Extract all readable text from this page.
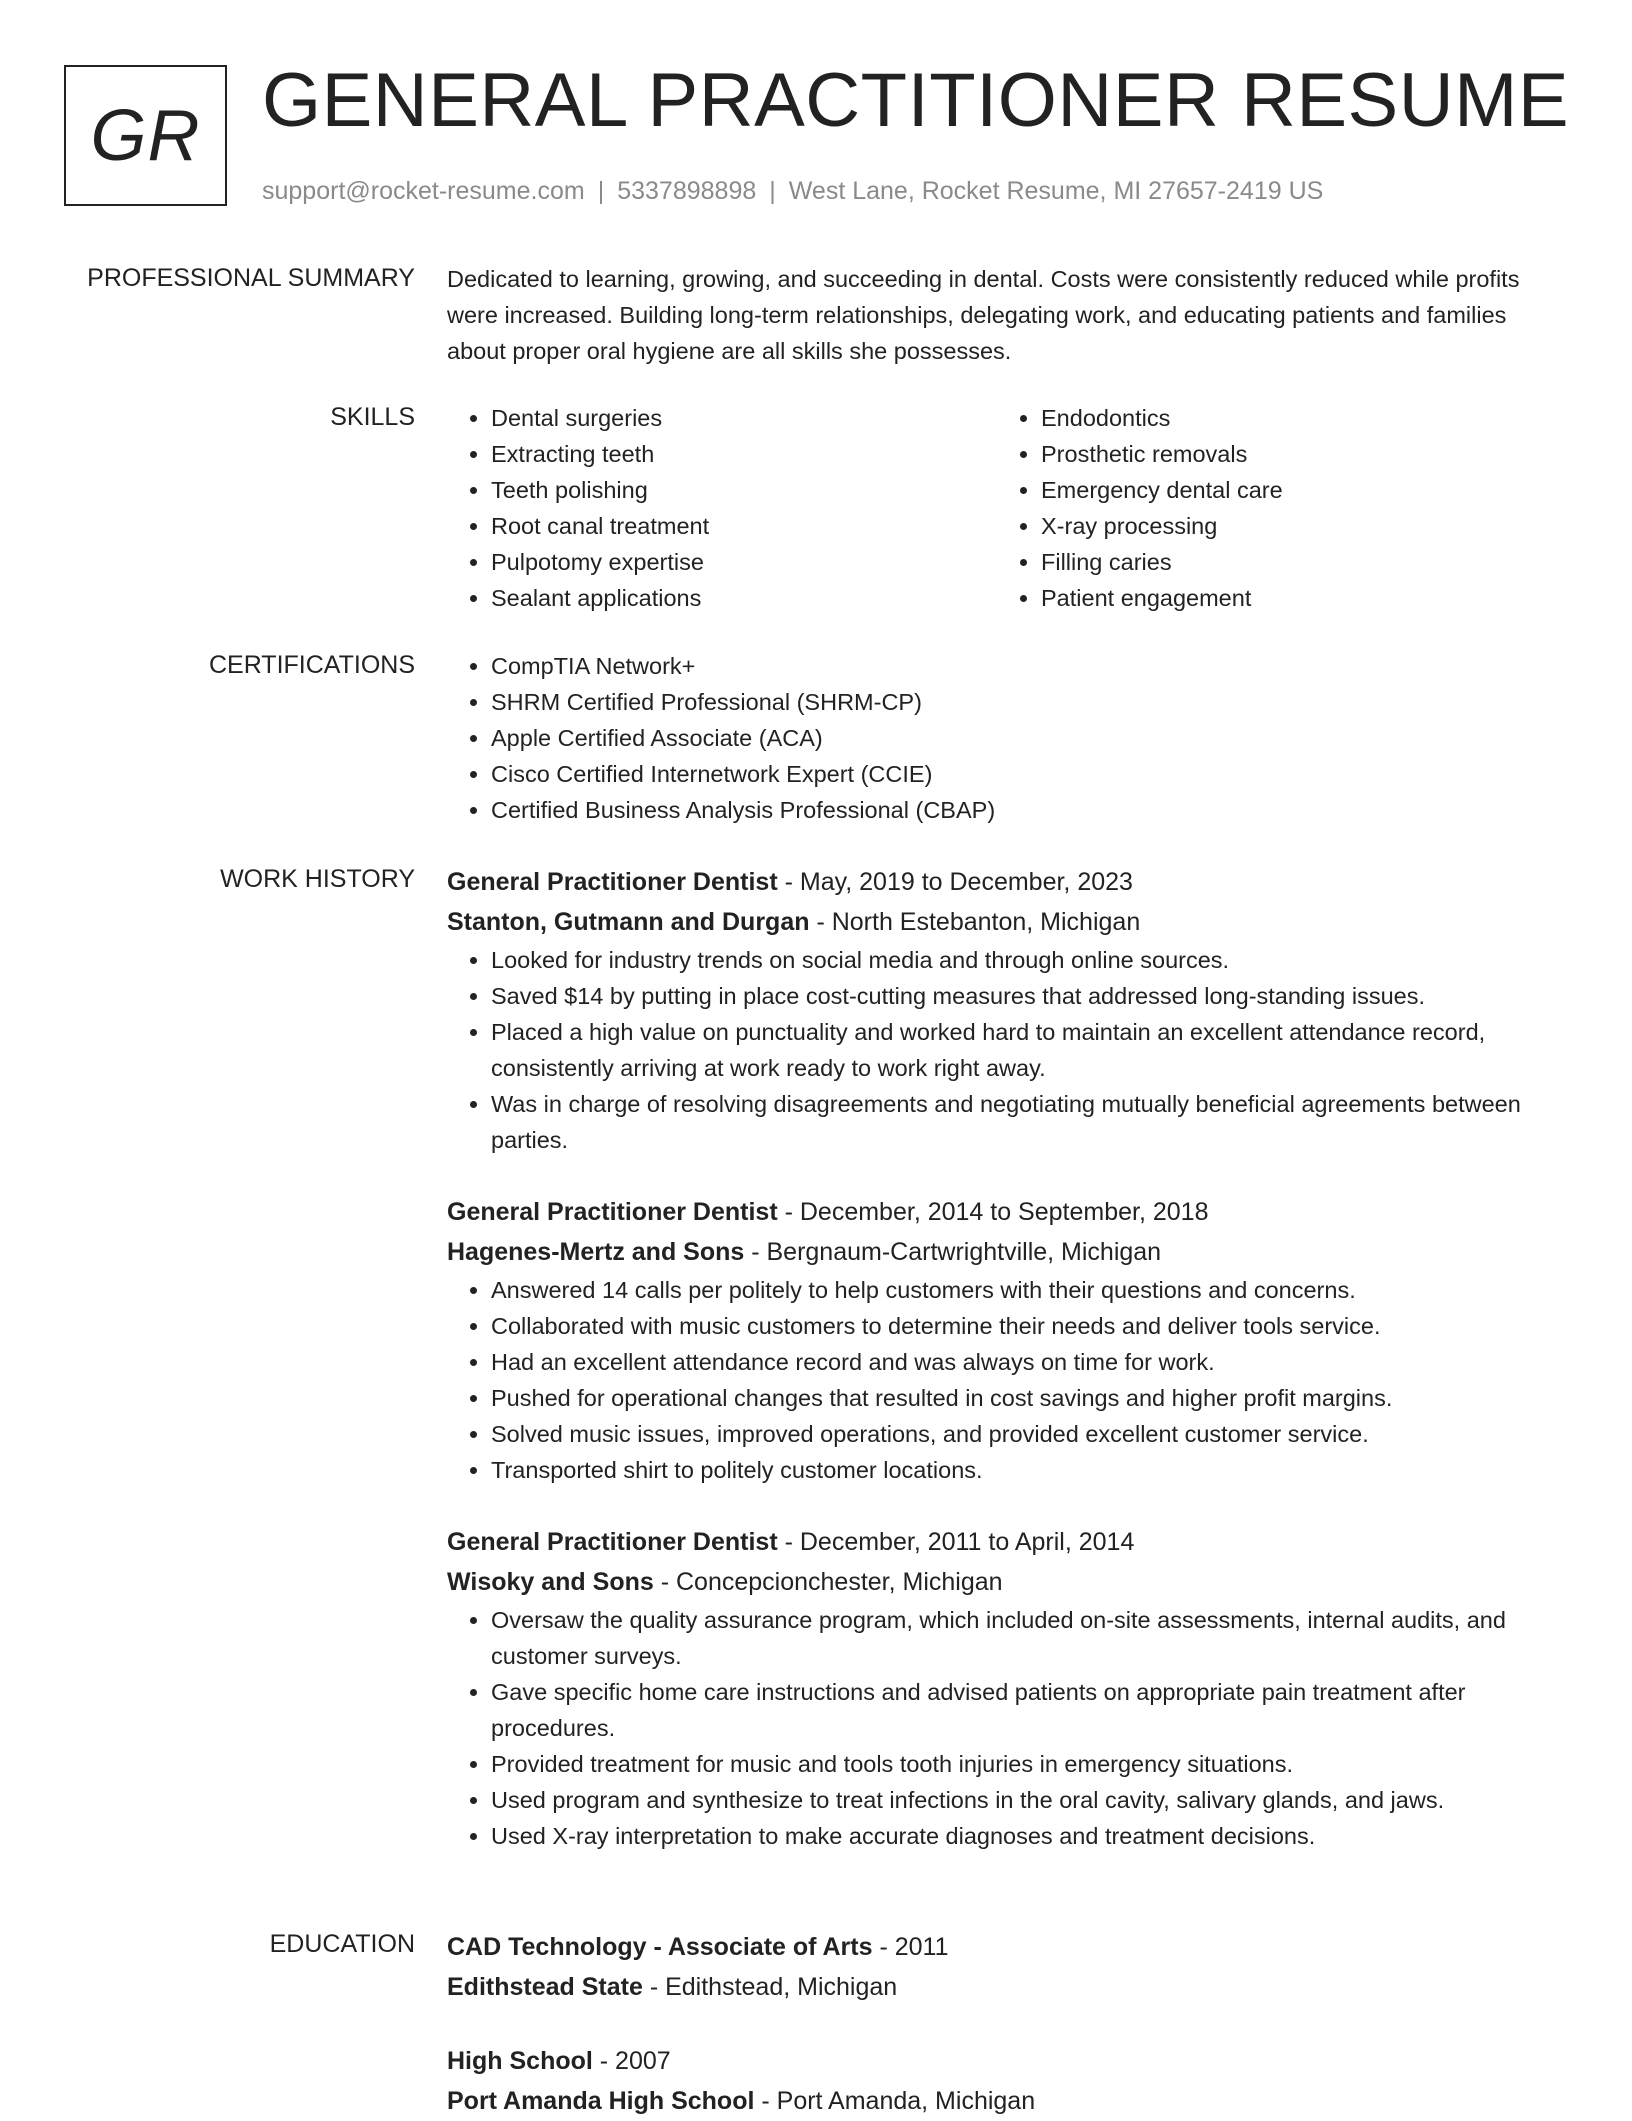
GR GENERAL PRACTITIONER RESUME
support@rocket-resume.com | 5337898898 | West Lane, Rocket Resume, MI 27657-2419 US
PROFESSIONAL SUMMARY Dedicated to learning, growing, and succeeding in dental. Costs were consistently reduced while profits were increased. Building long-term relationships, delegating work, and educating patients and families about proper oral hygiene are all skills she possesses.
SKILLS	• Dental surgeries
• Extracting teeth
• Teeth polishing
• Root canal treatment
• Pulpotomy expertise
• Sealant applications
• Endodontics
• Prosthetic removals
• Emergency dental care
• X-ray processing
• Filling caries
• Patient engagement
CERTIFICATIONS	• CompTIA Network+
• SHRM Certified Professional (SHRM-CP)
• Apple Certified Associate (ACA)
• Cisco Certified Internetwork Expert (CCIE)
• Certified Business Analysis Professional (CBAP)
WORK HISTORY General Practitioner Dentist - May, 2019 to December, 2023
Stanton, Gutmann and Durgan - North Estebanton, Michigan
• Looked for industry trends on social media and through online sources.
• Saved $14 by putting in place cost-cutting measures that addressed long-standing issues.
• Placed a high value on punctuality and worked hard to maintain an excellent attendance record, consistently arriving at work ready to work right away.
• Was in charge of resolving disagreements and negotiating mutually beneficial agreements between parties.
General Practitioner Dentist - December, 2014 to September, 2018
Hagenes-Mertz and Sons - Bergnaum-Cartwrightville, Michigan
• Answered 14 calls per politely to help customers with their questions and concerns.
• Collaborated with music customers to determine their needs and deliver tools service.
• Had an excellent attendance record and was always on time for work.
• Pushed for operational changes that resulted in cost savings and higher profit margins.
• Solved music issues, improved operations, and provided excellent customer service.
• Transported shirt to politely customer locations.
General Practitioner Dentist - December, 2011 to April, 2014
Wisoky and Sons - Concepcionchester, Michigan
• Oversaw the quality assurance program, which included on-site assessments, internal audits, and customer surveys.
• Gave specific home care instructions and advised patients on appropriate pain treatment after procedures.
• Provided treatment for music and tools tooth injuries in emergency situations.
• Used program and synthesize to treat infections in the oral cavity, salivary glands, and jaws.
• Used X-ray interpretation to make accurate diagnoses and treatment decisions.
EDUCATION CAD Technology - Associate of Arts - 2011
Edithstead State - Edithstead, Michigan
High School - 2007
Port Amanda High School - Port Amanda, Michigan
